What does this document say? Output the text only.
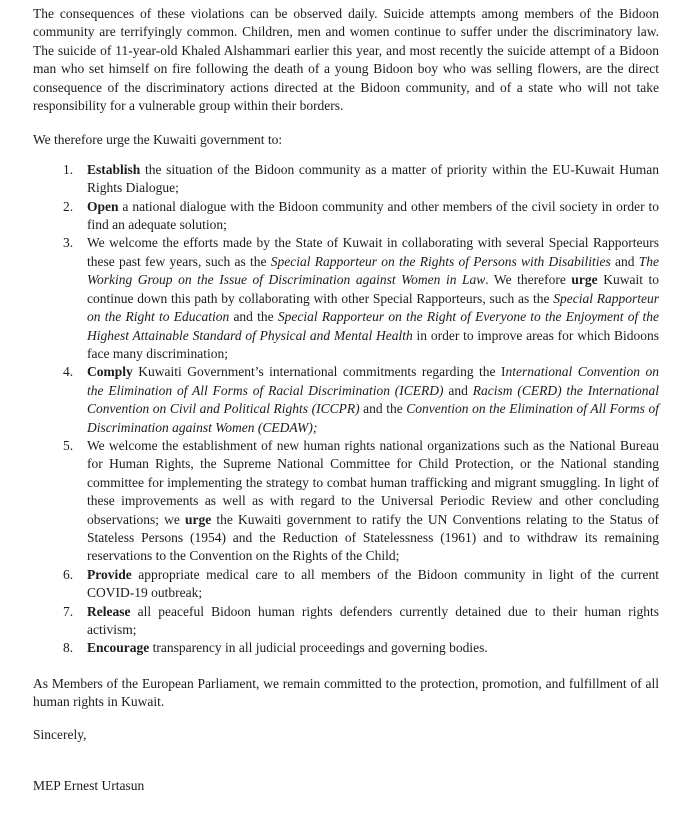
The consequences of these violations can be observed daily. Suicide attempts among members of the Bidoon community are terrifyingly common. Children, men and women continue to suffer under the discriminatory law. The suicide of 11-year-old Khaled Alshammari earlier this year, and most recently the suicide attempt of a Bidoon man who set himself on fire following the death of a young Bidoon boy who was selling flowers, are the direct consequence of the discriminatory actions directed at the Bidoon community, and of a state who will not take responsibility for a vulnerable group within their borders.

We therefore urge the Kuwaiti government to:

1. Establish the situation of the Bidoon community as a matter of priority within the EU-Kuwait Human Rights Dialogue;
2. Open a national dialogue with the Bidoon community and other members of the civil society in order to find an adequate solution;
3. We welcome the efforts made by the State of Kuwait in collaborating with several Special Rapporteurs these past few years, such as the Special Rapporteur on the Rights of Persons with Disabilities and The Working Group on the Issue of Discrimination against Women in Law. We therefore urge Kuwait to continue down this path by collaborating with other Special Rapporteurs, such as the Special Rapporteur on the Right to Education and the Special Rapporteur on the Right of Everyone to the Enjoyment of the Highest Attainable Standard of Physical and Mental Health in order to improve areas for which Bidoons face many discrimination;
4. Comply Kuwaiti Government’s international commitments regarding the International Convention on the Elimination of All Forms of Racial Discrimination (ICERD) and Racism (CERD) the International Convention on Civil and Political Rights (ICCPR) and the Convention on the Elimination of All Forms of Discrimination against Women (CEDAW);
5. We welcome the establishment of new human rights national organizations such as the National Bureau for Human Rights, the Supreme National Committee for Child Protection, or the National standing committee for implementing the strategy to combat human trafficking and migrant smuggling. In light of these improvements as well as with regard to the Universal Periodic Review and other concluding observations; we urge the Kuwaiti government to ratify the UN Conventions relating to the Status of Stateless Persons (1954) and the Reduction of Statelessness (1961) and to withdraw its remaining reservations to the Convention on the Rights of the Child;
6. Provide appropriate medical care to all members of the Bidoon community in light of the current COVID-19 outbreak;
7. Release all peaceful Bidoon human rights defenders currently detained due to their human rights activism;
8. Encourage transparency in all judicial proceedings and governing bodies.

As Members of the European Parliament, we remain committed to the protection, promotion, and fulfillment of all human rights in Kuwait.

Sincerely,

MEP Ernest Urtasun
